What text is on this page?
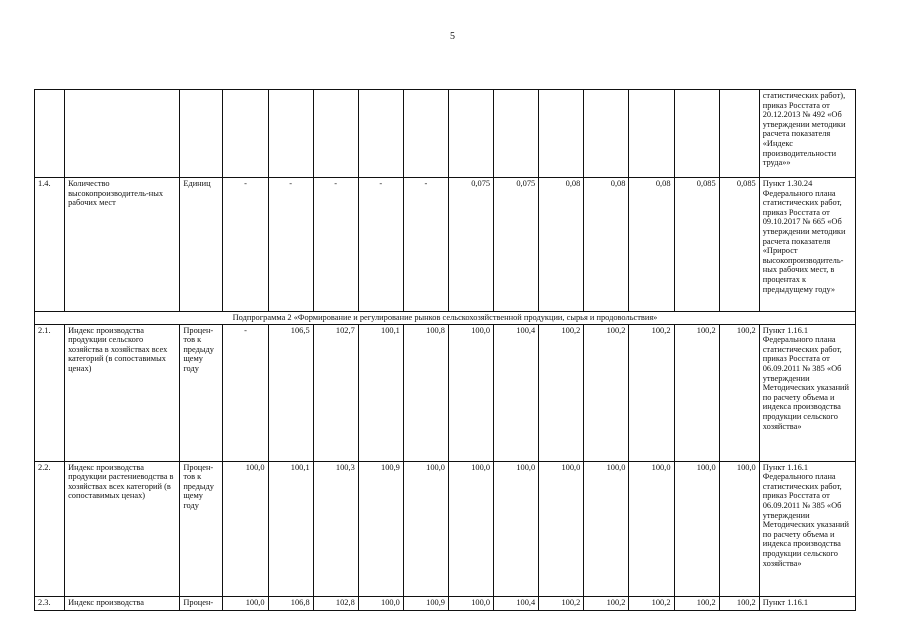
5
															статистических работ), приказ Росстата от 20.12.2013 № 492 «Об утверждении методики расчета показателя «Индекс производительности труда»»
1.4.	Количество высокопроизводитель-ных рабочих мест	Единиц	-	-	-	-	-	0,075	0,075	0,08	0,08	0,08	0,085	0,085	Пункт 1.30.24 Федерального плана статистических работ, приказ Росстата от 09.10.2017 № 665 «Об утверждении методики расчета показателя «Прирост высокопроизводитель-ных рабочих мест, в процентах к предыдущему году»
Подпрограмма 2 «Формирование и регулирование рынков сельскохозяйственной продукции, сырья и продовольствия»															
2.1.	Индекс производства продукции сельского хозяйства в хозяйствах всех категорий (в сопоставимых ценах)	Процен-тов к предыду щему году	-	106,5	102,7	100,1	100,8	100,0	100,4	100,2	100,2	100,2	100,2	100,2	Пункт 1.16.1 Федерального плана статистических работ, приказ Росстата от 06.09.2011 № 385 «Об утверждении Методических указаний по расчету объема и индекса производства продукции сельского хозяйства»
2.2.	Индекс производства продукции растениеводства в хозяйствах всех категорий (в сопоставимых ценах)	Процен-тов к предыду щему году	100,0	100,1	100,3	100,9	100,0	100,0	100,0	100,0	100,0	100,0	100,0	100,0	Пункт 1.16.1 Федерального плана статистических работ, приказ Росстата от 06.09.2011 № 385 «Об утверждении Методических указаний по расчету объема и индекса производства продукции сельского хозяйства»
2.3.	Индекс производства	Процен-	100,0	106,8	102,8	100,0	100,9	100,0	100,4	100,2	100,2	100,2	100,2	100,2	Пункт 1.16.1
